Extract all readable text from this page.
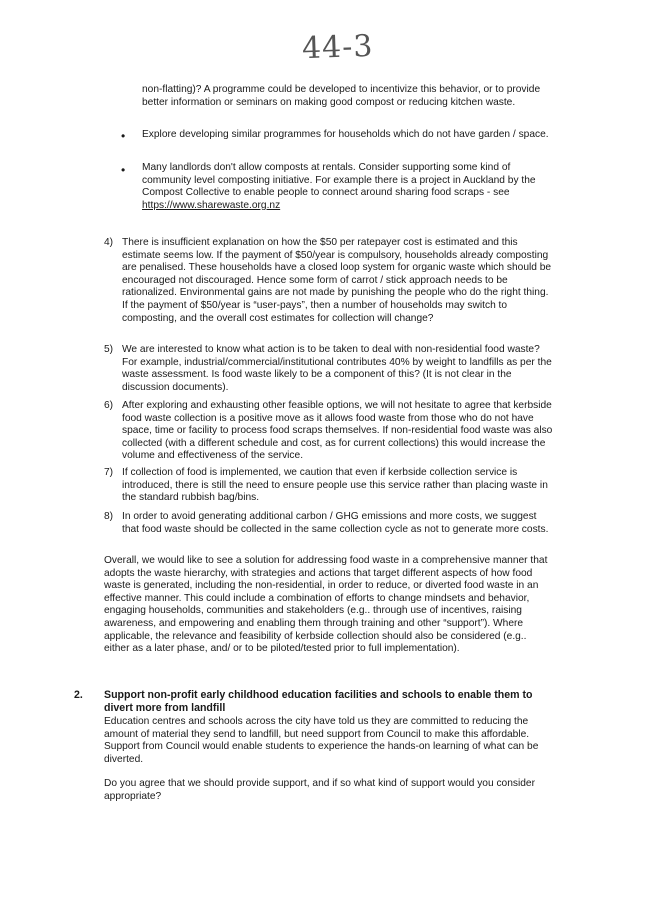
44-3
non-flatting)? A programme could be developed to incentivize this behavior, or to provide better information or seminars on making good compost or reducing kitchen waste.
• Explore developing similar programmes for households which do not have garden / space.
• Many landlords don't allow composts at rentals. Consider supporting some kind of community level composting initiative. For example there is a project in Auckland by the Compost Collective to enable people to connect around sharing food scraps - see https://www.sharewaste.org.nz
4) There is insufficient explanation on how the $50 per ratepayer cost is estimated and this estimate seems low. If the payment of $50/year is compulsory, households already composting are penalised. These households have a closed loop system for organic waste which should be encouraged not discouraged. Hence some form of carrot / stick approach needs to be rationalized. Environmental gains are not made by punishing the people who do the right thing. If the payment of $50/year is “user-pays”, then a number of households may switch to composting, and the overall cost estimates for collection will change?
5) We are interested to know what action is to be taken to deal with non-residential food waste? For example, industrial/commercial/institutional contributes 40% by weight to landfills as per the waste assessment. Is food waste likely to be a component of this? (It is not clear in the discussion documents).
6) After exploring and exhausting other feasible options, we will not hesitate to agree that kerbside food waste collection is a positive move as it allows food waste from those who do not have space, time or facility to process food scraps themselves. If non-residential food waste was also collected (with a different schedule and cost, as for current collections) this would increase the volume and effectiveness of the service.
7) If collection of food is implemented, we caution that even if kerbside collection service is introduced, there is still the need to ensure people use this service rather than placing waste in the standard rubbish bag/bins.
8) In order to avoid generating additional carbon / GHG emissions and more costs, we suggest that food waste should be collected in the same collection cycle as not to generate more costs.
Overall, we would like to see a solution for addressing food waste in a comprehensive manner that adopts the waste hierarchy, with strategies and actions that target different aspects of how food waste is generated, including the non-residential, in order to reduce, or diverted food waste in an effective manner. This could include a combination of efforts to change mindsets and behavior, engaging households, communities and stakeholders (e.g.. through use of incentives, raising awareness, and empowering and enabling them through training and other “support”). Where applicable, the relevance and feasibility of kerbside collection should also be considered (e.g.. either as a later phase, and/ or to be piloted/tested prior to full implementation).
2. Support non-profit early childhood education facilities and schools to enable them to divert more from landfill
Education centres and schools across the city have told us they are committed to reducing the amount of material they send to landfill, but need support from Council to make this affordable. Support from Council would enable students to experience the hands-on learning of what can be diverted.
Do you agree that we should provide support, and if so what kind of support would you consider appropriate?
